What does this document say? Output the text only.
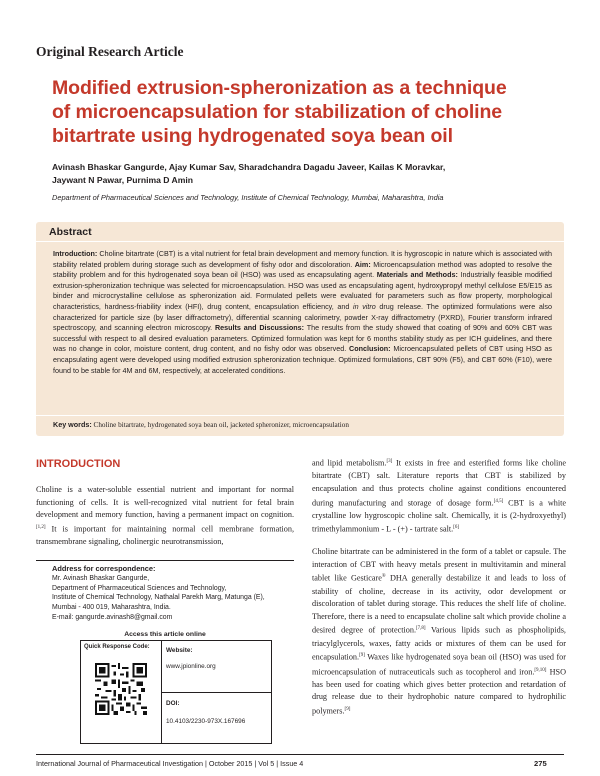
Original Research Article
Modified extrusion-spheronization as a technique
of microencapsulation for stabilization of choline
bitartrate using hydrogenated soya bean oil
Avinash Bhaskar Gangurde, Ajay Kumar Sav, Sharadchandra Dagadu Javeer, Kailas K Moravkar,
Jaywant N Pawar, Purnima D Amin
Department of Pharmaceutical Sciences and Technology, Institute of Chemical Technology, Mumbai, Maharashtra, India
Abstract
Introduction: Choline bitartrate (CBT) is a vital nutrient for fetal brain development and memory function. It is hygroscopic in nature which is associated with stability related problem during storage such as development of fishy odor and discoloration. Aim: Microencapsulation method was adopted to resolve the stability problem and for this hydrogenated soya bean oil (HSO) was used as encapsulating agent. Materials and Methods: Industrially feasible modified extrusion-spheronization technique was selected for microencapsulation. HSO was used as encapsulating agent, hydroxypropyl methyl cellulose E5/E15 as binder and microcrystalline cellulose as spheronization aid. Formulated pellets were evaluated for parameters such as flow property, morphological characteristics, hardness-friability index (HFI), drug content, encapsulation efficiency, and in vitro drug release. The optimized formulations were also characterized for particle size (by laser diffractometry), differential scanning calorimetry, powder X-ray diffractometry (PXRD), Fourier transform infrared spectroscopy, and scanning electron microscopy. Results and Discussions: The results from the study showed that coating of 90% and 60% CBT was successful with respect to all desired evaluation parameters. Optimized formulation was kept for 6 months stability study as per ICH guidelines, and there was no change in color, moisture content, drug content, and no fishy odor was observed. Conclusion: Microencapsulated pellets of CBT using HSO as encapsulating agent were developed using modified extrusion spheronization technique. Optimized formulations, CBT 90% (F5), and CBT 60% (F10), were found to be stable for 4M and 6M, respectively, at accelerated conditions.
Key words: Choline bitartrate, hydrogenated soya bean oil, jacketed spheronizer, microencapsulation
INTRODUCTION
Choline is a water-soluble essential nutrient and important for normal functioning of cells. It is well-recognized vital nutrient for fetal brain development and memory function, having a permanent impact on cognition.[1,2] It is important for maintaining normal cell membrane formation, transmembrane signaling, cholinergic neurotransmission,
Address for correspondence:
Mr. Avinash Bhaskar Gangurde,
Department of Pharmaceutical Sciences and Technology,
Institute of Chemical Technology, Nathalal Parekh Marg, Matunga (E),
Mumbai - 400 019, Maharashtra, India.
E-mail: gangurde.avinash8@gmail.com
Access this article online
Quick Response Code:	Website:
www.jpionline.org
DOI:
10.4103/2230-973X.167696
and lipid metabolism.[3] It exists in free and esterified forms like choline bitartrate (CBT) salt. Literature reports that CBT is stabilized by encapsulation and thus protects choline against conditions encountered during manufacturing and storage of dosage form.[4,5] CBT is a white crystalline low hygroscopic choline salt. Chemically, it is (2-hydroxyethyl) trimethylammonium - L - (+) - tartrate salt.[6]
Choline bitartrate can be administered in the form of a tablet or capsule. The interaction of CBT with heavy metals present in multivitamin and mineral tablet like Gesticare® DHA generally destabilize it and leads to loss of stability of choline, decrease in its activity, odor development or discoloration of tablet during storage. This reduces the shelf life of choline. Therefore, there is a need to encapsulate choline salt which provide choline a desired degree of protection.[7,8] Various lipids such as phospholipids, triacylglycerols, waxes, fatty acids or mixtures of them can be used for encapsulation.[9] Waxes like hydrogenated soya bean oil (HSO) was used for microencapsulation of nutraceuticals such as tocopherol and iron.[9,10] HSO has been used for coating which gives better protection and retardation of drug release due to their hydrophobic nature compared to hydrophilic polymers.[9]
International Journal of Pharmaceutical Investigation | October 2015 | Vol 5 | Issue 4	275
